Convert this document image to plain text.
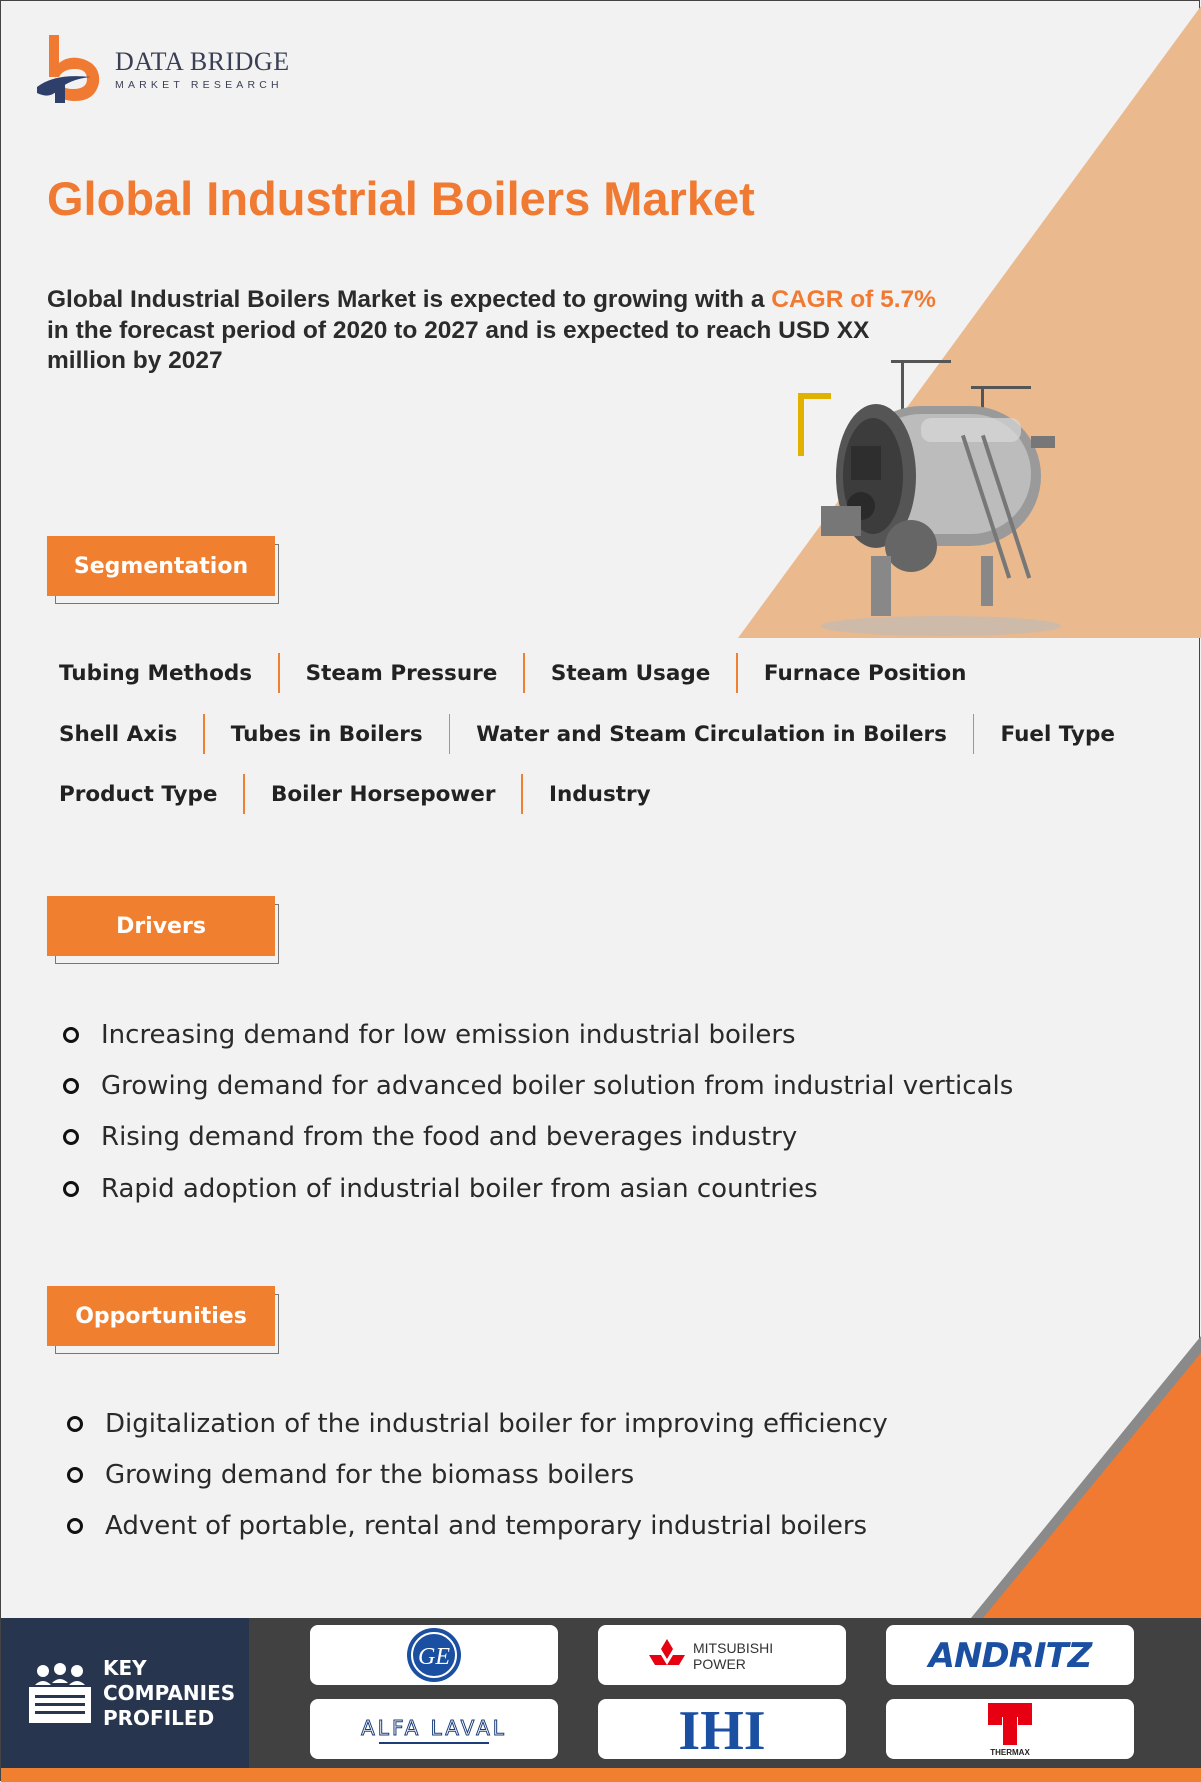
DATA BRIDGE
MARKET RESEARCH
Global Industrial Boilers Market

Global Industrial Boilers Market is expected to growing with a CAGR of 5.7% in the forecast period of 2020 to 2027 and is expected to reach USD XX million by 2027

Segmentation
Tubing Methods	Steam Pressure	Steam Usage	Furnace Position
Shell Axis	Tubes in Boilers	Water and Steam Circulation in Boilers	Fuel Type
Product Type	Boiler Horsepower	Industry
Drivers
Increasing demand for low emission industrial boilers
Growing demand for advanced boiler solution from industrial verticals
Rising demand from the food and beverages industry
Rapid adoption of industrial boiler from asian countries
Opportunities
Digitalization of the industrial boiler for improving efficiency
Growing demand for the biomass boilers
Advent of portable, rental and temporary industrial boilers
KEY
COMPANIES
PROFILED
GE	MITSUBISHI
POWER	ANDRITZ
ALFA LAVAL	IHI	THERMAX
